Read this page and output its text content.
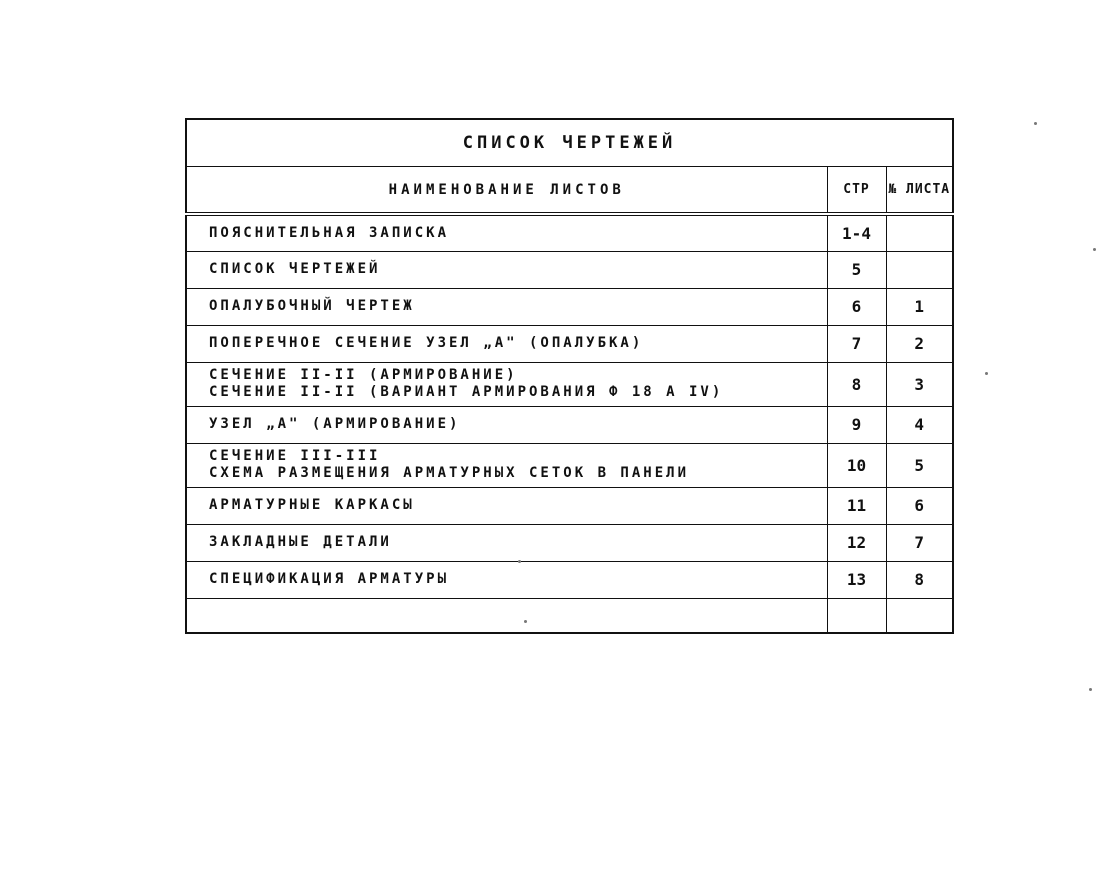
СПИСОК ЧЕРТЕЖЕЙ		
НАИМЕНОВАНИЕ ЛИСТОВ	СТР	№ ЛИСТА
ПОЯСНИТЕЛЬНАЯ ЗАПИСКА	1-4	
СПИСОК ЧЕРТЕЖЕЙ	5	
ОПАЛУБОЧНЫЙ ЧЕРТЕЖ	6	1
ПОПЕРЕЧНОЕ СЕЧЕНИЕ УЗЕЛ „А" (ОПАЛУБКА)	7	2

СЕЧЕНИЕ II-II (АРМИРОВАНИЕ)
СЕЧЕНИЕ II-II (ВАРИАНТ АРМИРОВАНИЯ Ф 18 А IV)	8	3
УЗЕЛ „А" (АРМИРОВАНИЕ)	9	4

СЕЧЕНИЕ III-III
СХЕМА РАЗМЕЩЕНИЯ АРМАТУРНЫХ СЕТОК В ПАНЕЛИ	10	5
АРМАТУРНЫЕ КАРКАСЫ	11	6
ЗАКЛАДНЫЕ ДЕТАЛИ	12	7
СПЕЦИФИКАЦИЯ АРМАТУРЫ	13	8
